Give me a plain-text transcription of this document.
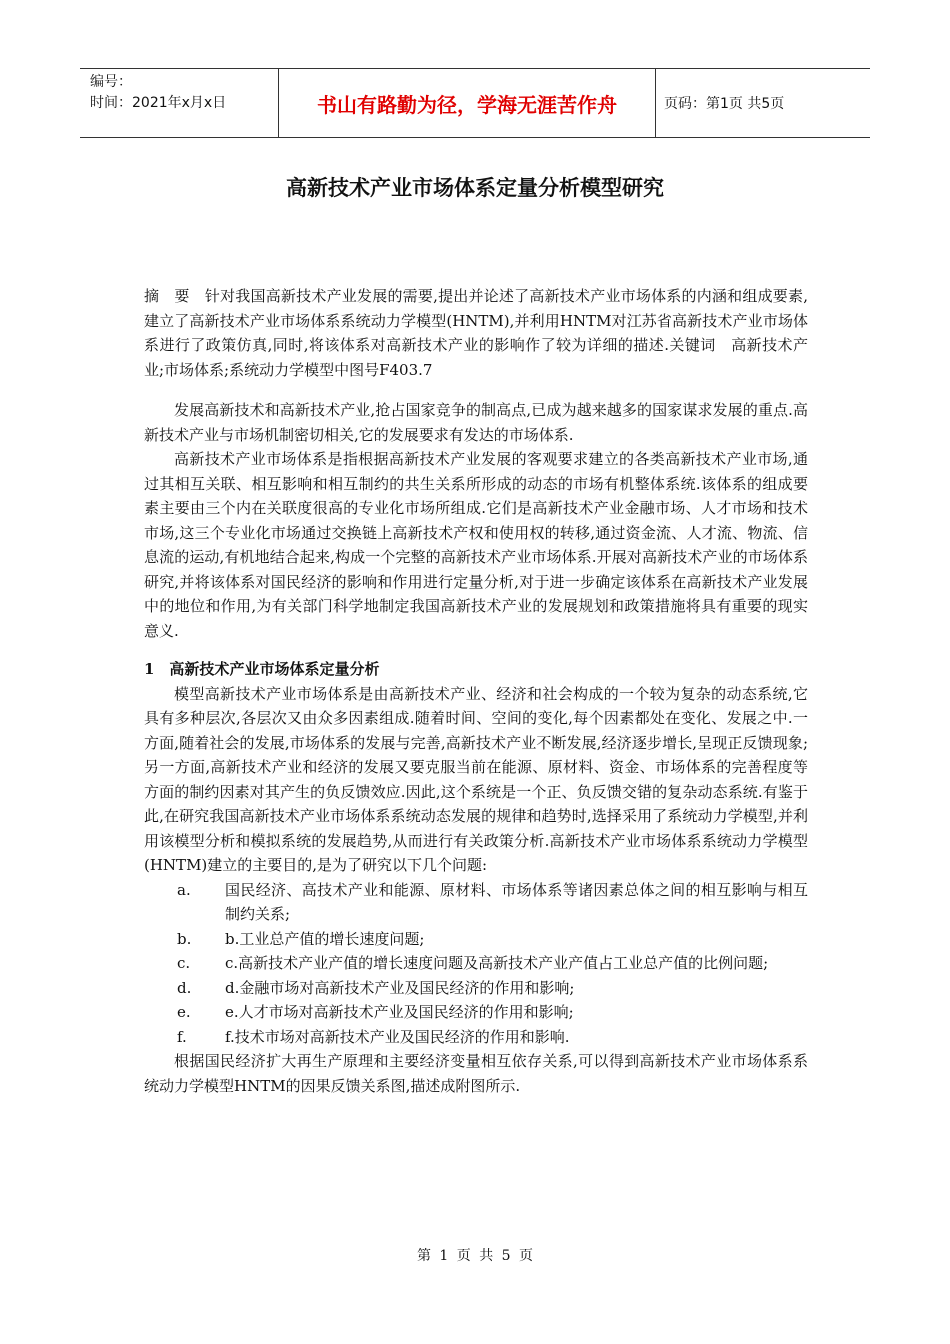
编号：
时间：2021年x月x日	书山有路勤为径，学海无涯苦作舟	页码：第1页 共5页
高新技术产业市场体系定量分析模型研究

摘　要　针对我国高新技术产业发展的需要,提出并论述了高新技术产业市场体系的内涵和组成要素,建立了高新技术产业市场体系系统动力学模型(HNTM),并利用HNTM对江苏省高新技术产业市场体系进行了政策仿真,同时,将该体系对高新技术产业的影响作了较为详细的描述.关键词　高新技术产业;市场体系;系统动力学模型中图号F403.7

发展高新技术和高新技术产业,抢占国家竞争的制高点,已成为越来越多的国家谋求发展的重点.高新技术产业与市场机制密切相关,它的发展要求有发达的市场体系.

高新技术产业市场体系是指根据高新技术产业发展的客观要求建立的各类高新技术产业市场,通过其相互关联、相互影响和相互制约的共生关系所形成的动态的市场有机整体系统.该体系的组成要素主要由三个内在关联度很高的专业化市场所组成.它们是高新技术产业金融市场、人才市场和技术市场,这三个专业化市场通过交换链上高新技术产权和使用权的转移,通过资金流、人才流、物流、信息流的运动,有机地结合起来,构成一个完整的高新技术产业市场体系.开展对高新技术产业的市场体系研究,并将该体系对国民经济的影响和作用进行定量分析,对于进一步确定该体系在高新技术产业发展中的地位和作用,为有关部门科学地制定我国高新技术产业的发展规划和政策措施将具有重要的现实意义.

1　高新技术产业市场体系定量分析

模型高新技术产业市场体系是由高新技术产业、经济和社会构成的一个较为复杂的动态系统,它具有多种层次,各层次又由众多因素组成.随着时间、空间的变化,每个因素都处在变化、发展之中.一方面,随着社会的发展,市场体系的发展与完善,高新技术产业不断发展,经济逐步增长,呈现正反馈现象;另一方面,高新技术产业和经济的发展又要克服当前在能源、原材料、资金、市场体系的完善程度等方面的制约因素对其产生的负反馈效应.因此,这个系统是一个正、负反馈交错的复杂动态系统.有鉴于此,在研究我国高新技术产业市场体系系统动态发展的规律和趋势时,选择采用了系统动力学模型,并利用该模型分析和模拟系统的发展趋势,从而进行有关政策分析.高新技术产业市场体系系统动力学模型(HNTM)建立的主要目的,是为了研究以下几个问题:

a.	国民经济、高技术产业和能源、原材料、市场体系等诸因素总体之间的相互影响与相互制约关系;
b.	b.工业总产值的增长速度问题;
c.	c.高新技术产业产值的增长速度问题及高新技术产业产值占工业总产值的比例问题;
d.	d.金融市场对高新技术产业及国民经济的作用和影响;
e.	e.人才市场对高新技术产业及国民经济的作用和影响;
f.	f.技术市场对高新技术产业及国民经济的作用和影响.

根据国民经济扩大再生产原理和主要经济变量相互依存关系,可以得到高新技术产业市场体系系统动力学模型HNTM的因果反馈关系图,描述成附图所示.

第 1 页 共 5 页
